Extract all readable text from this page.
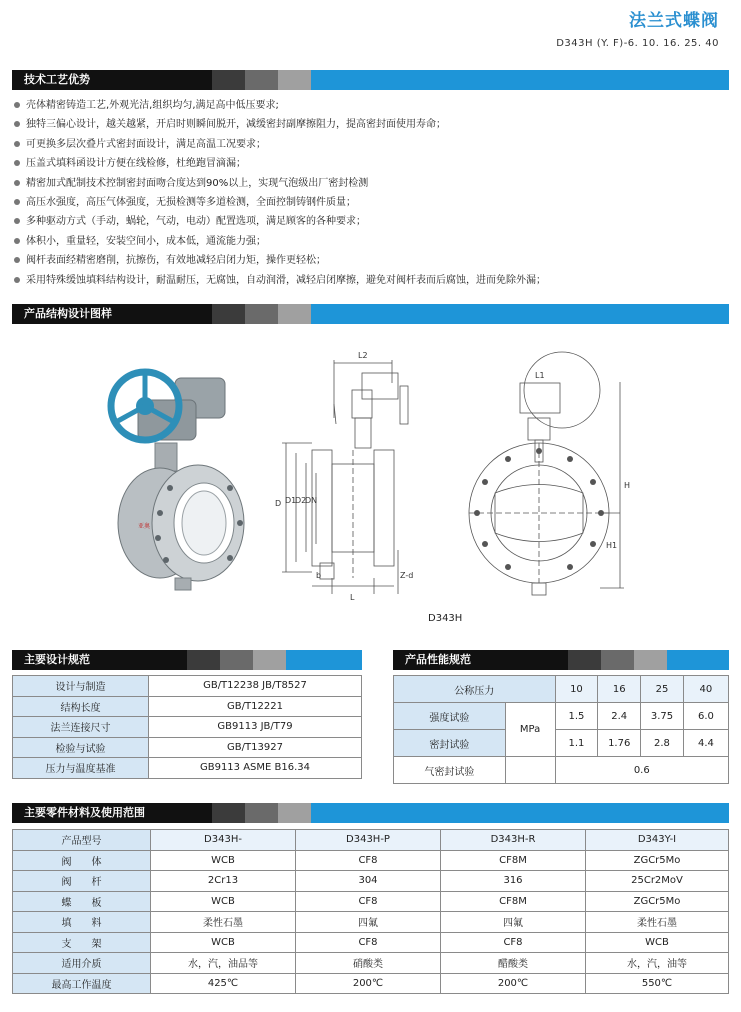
法兰式蝶阀
D343H (Y. F)-6. 10. 16. 25. 40
技术工艺优势
壳体精密铸造工艺,外观光洁,组织均匀,满足高中低压要求;
独特三偏心设计，越关越紧，开启时则瞬间脱开，减缓密封副摩擦阻力，提高密封面使用寿命；
可更换多层次叠片式密封面设计，满足高温工况要求；
压盖式填料函设计方便在线检修，杜绝跑冒滴漏；
精密加式配制技术控制密封面吻合度达到90%以上，实现气泡级出厂密封检测
高压水强度，高压气体强度，无损检测等多道检测，全面控制铸钢件质量；
多种驱动方式（手动，蜗轮，气动，电动）配置选项，满足顾客的各种要求；
体积小，重量轻，安装空间小，成本低，通流能力强；
阀杆表面经精密磨削，抗擦伤，有效地减轻启闭力矩，操作更轻松；
采用特殊缓蚀填料结构设计，耐温耐压，无腐蚀，自动润滑，减轻启闭摩擦，避免对阀杆表而后腐蚀，进而免除外漏；
产品结构设计图样
亚奥
L2
D D1
D2
DN
b
L
Z-d
L1
H
H1
D343H
主要设计规范
设计与制造	GB/T12238 JB/T8527
结构长度	GB/T12221
法兰连接尺寸	GB9113 JB/T79
检验与试验	GB/T13927
压力与温度基准	GB9113 ASME B16.34
产品性能规范
公称压力		10	16	25	40
强度试验	MPa	1.5	2.4	3.75	6.0
密封试验		1.1	1.76	2.8	4.4
气密封试验		0.6			
主要零件材料及使用范围
产品型号	D343H-	D343H-P	D343H-R	D343Y-I
阀　　体	WCB	CF8	CF8M	ZGCr5Mo
阀　　杆	2Cr13	304	316	25Cr2MoV
蝶　　板	WCB	CF8	CF8M	ZGCr5Mo
填　　料	柔性石墨	四氟	四氟	柔性石墨
支　　架	WCB	CF8	CF8	WCB
适用介质	水，汽，油品等	硝酸类	醋酸类	水，汽，油等
最高工作温度	425℃	200℃	200℃	550℃
